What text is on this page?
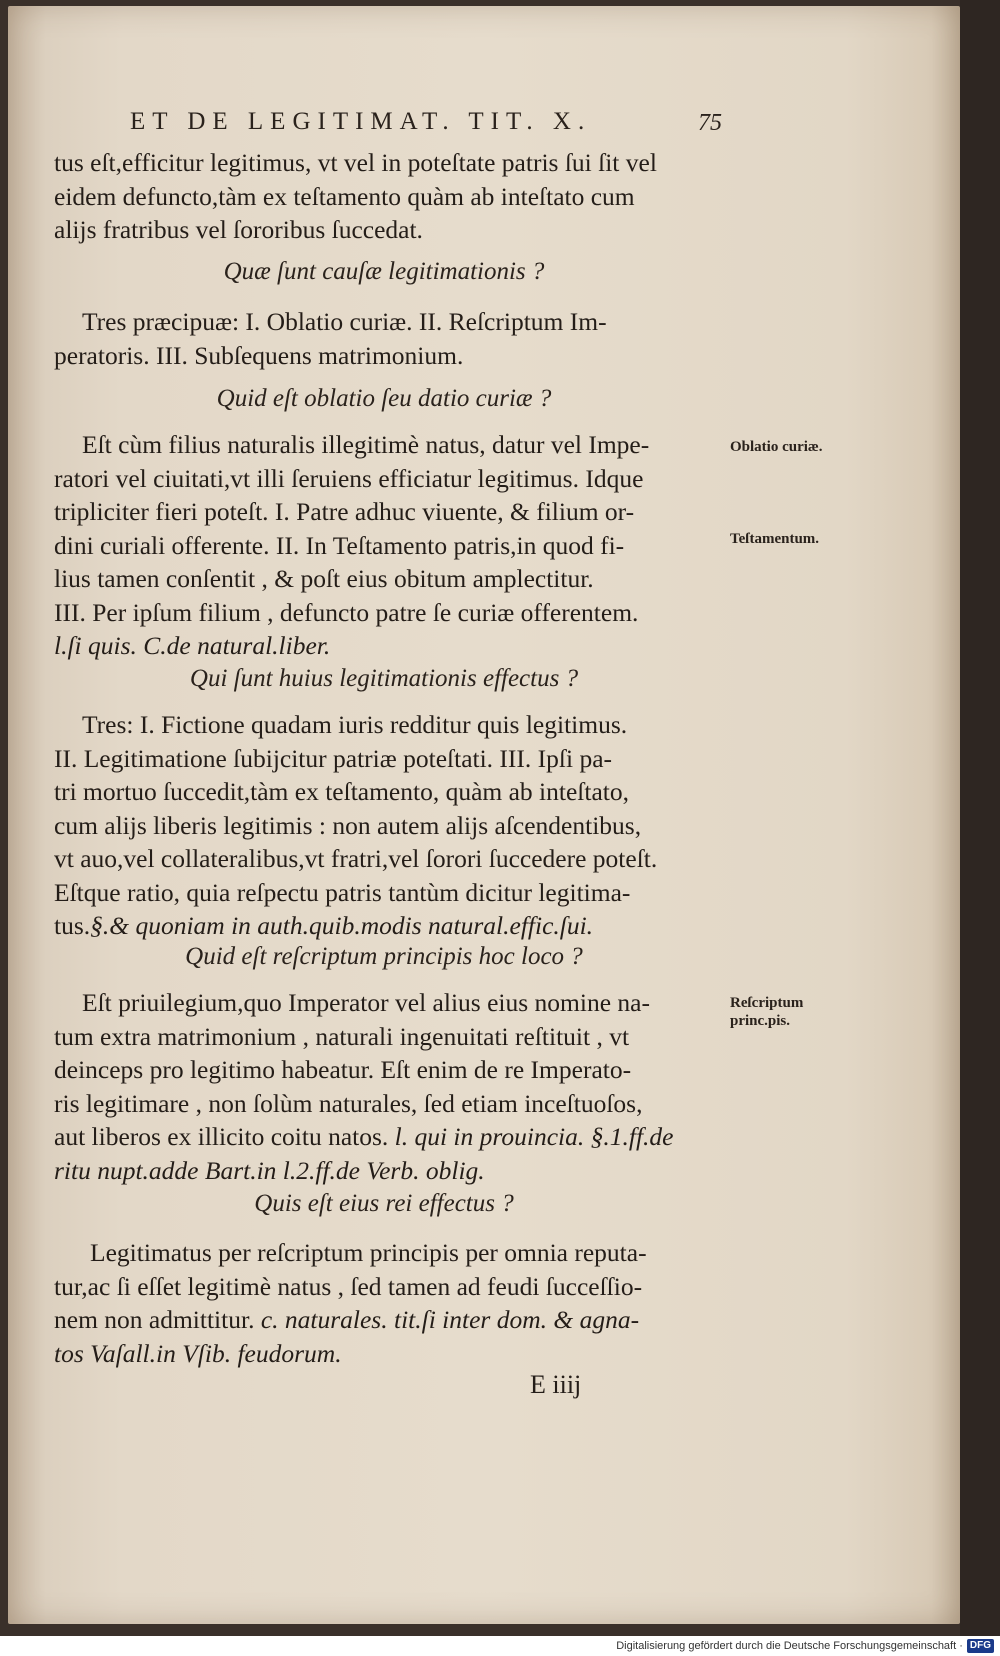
ET DE LEGITIMAT. TIT. X.	75
tus eſt,efficitur legitimus, vt vel in poteſtate patris ſui ſit vel
eidem defuncto,tàm ex teſtamento quàm ab inteſtato cum
alijs fratribus vel ſororibus ſuccedat.
Quæ ſunt cauſæ legitimationis ?
Tres præcipuæ: I. Oblatio curiæ. II. Reſcriptum Im-
peratoris. III. Subſequens matrimonium.
Quid eſt oblatio ſeu datio curiæ ?
Eſt cùm filius naturalis illegitimè natus, datur vel Impe-
ratori vel ciuitati,vt illi ſeruiens efficiatur legitimus. Idque
tripliciter fieri poteſt. I. Patre adhuc viuente, & filium or-
dini curiali offerente. II. In Teſtamento patris,in quod fi-
lius tamen conſentit , & poſt eius obitum amplectitur.
III. Per ipſum filium , defuncto patre ſe curiæ offerentem.
l.ſi quis. C.de natural.liber.
Qui ſunt huius legitimationis effectus ?
Tres: I. Fictione quadam iuris redditur quis legitimus.
II. Legitimatione ſubijcitur patriæ poteſtati. III. Ipſi pa-
tri mortuo ſuccedit,tàm ex teſtamento, quàm ab inteſtato,
cum alijs liberis legitimis : non autem alijs aſcendentibus,
vt auo,vel collateralibus,vt fratri,vel ſorori ſuccedere poteſt.
Eſtque ratio, quia reſpectu patris tantùm dicitur legitima-
tus.§.& quoniam in auth.quib.modis natural.effic.ſui.
Quid eſt reſcriptum principis hoc loco ?
Eſt priuilegium,quo Imperator vel alius eius nomine na-
tum extra matrimonium , naturali ingenuitati reſtituit , vt
deinceps pro legitimo habeatur. Eſt enim de re Imperato-
ris legitimare , non ſolùm naturales, ſed etiam inceſtuoſos,
aut liberos ex illicito coitu natos. l. qui in prouincia. §.1.ff.de
ritu nupt.adde Bart.in l.2.ff.de Verb. oblig.
Quis eſt eius rei effectus ?
Legitimatus per reſcriptum principis per omnia reputa-
tur,ac ſi eſſet legitimè natus , ſed tamen ad feudi ſucceſſio-
nem non admittitur. c. naturales. tit.ſi inter dom. & agna-
tos Vaſall.in Vſib. feudorum.
Oblatio curiæ.
Teſtamentum.
Reſcriptum
princ.pis.
E iiij
Digitalisierung gefördert durch die Deutsche Forschungsgemeinschaft · DFG
